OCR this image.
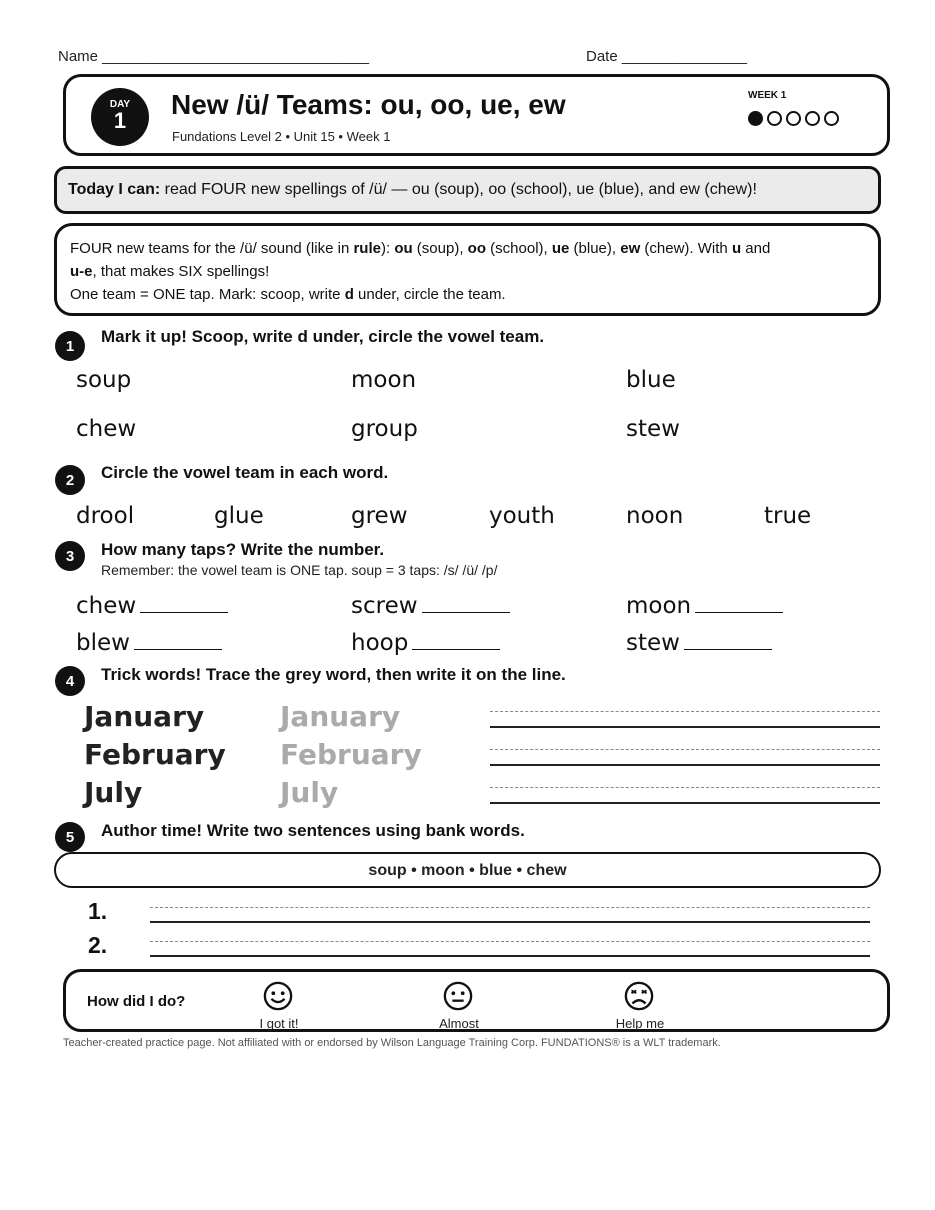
Name ________________________________	Date _______________
DAY
1
New /ü/ Teams: ou, oo, ue, ew
Fundations Level 2 • Unit 15 • Week 1
WEEK 1
Today I can: read FOUR new spellings of /ü/ — ou (soup), oo (school), ue (blue), and ew (chew)!
FOUR new teams for the /ü/ sound (like in rule): ou (soup), oo (school), ue (blue), ew (chew). With u and
u-e, that makes SIX spellings!
One team = ONE tap. Mark: scoop, write d under, circle the team.
1	Mark it up! Scoop, write d under, circle the vowel team.
soup	moon	blue
chew	group	stew
2	Circle the vowel team in each word.
drool	glue	grew	youth	noon	true
3	How many taps? Write the number.
Remember: the vowel team is ONE tap. soup = 3 taps: /s/ /ü/ /p/
chew	screw	moon
blew	hoop	stew
4	Trick words! Trace the grey word, then write it on the line.
January	January
February February
July	July
5	Author time! Write two sentences using bank words.
soup • moon • blue • chew
1.
2.
How did I do?
I got it!	Almost	Help me
Teacher-created practice page. Not affiliated with or endorsed by Wilson Language Training Corp. FUNDATIONS® is a WLT trademark.
